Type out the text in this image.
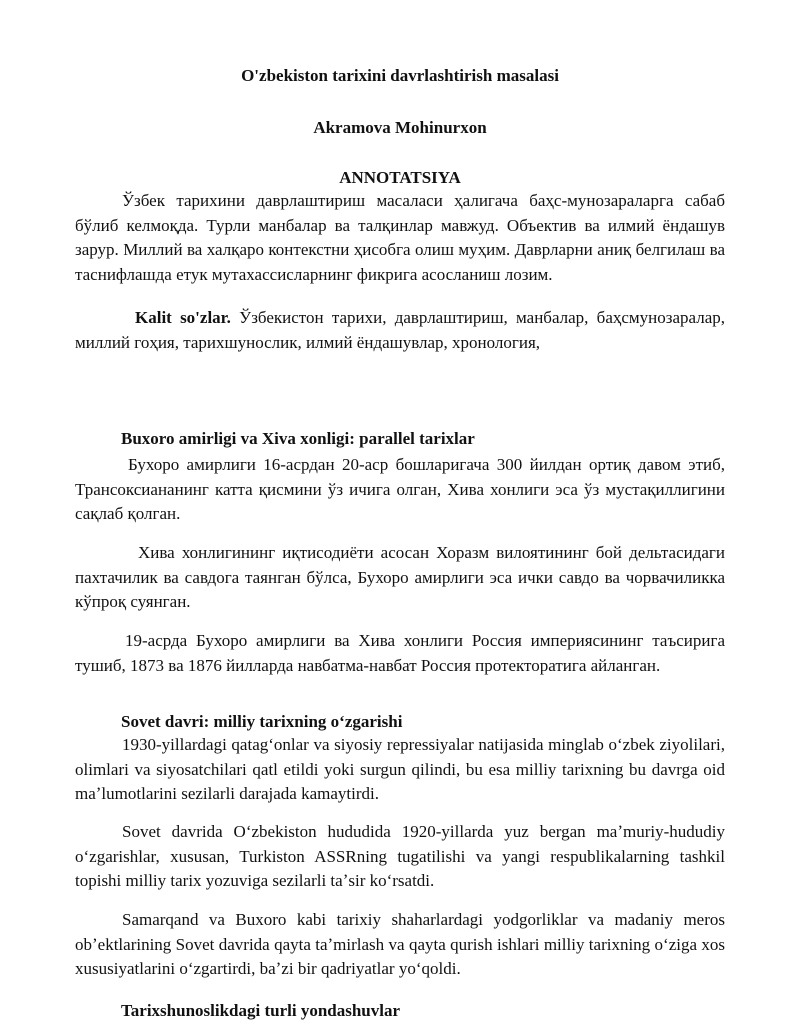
O'zbekiston tarixini davrlashtirish masalasi

Akramova Mohinurxon

ANNOTATSIYA

Ўзбек тарихини даврлаштириш масаласи ҳалигача баҳс-мунозараларга сабаб бўлиб келмоқда. Турли манбалар ва талқинлар мавжуд. Объектив ва илмий ёндашув зарур. Миллий ва халқаро контекстни ҳисобга олиш муҳим. Даврларни аниқ белгилаш ва таснифлашда етук мутахассисларнинг фикрига асосланиш лозим.

Kalit so'zlar. Ўзбекистон тарихи, даврлаштириш, манбалар, баҳсмунозаралар, миллий гоҳия, тарихшунослик, илмий ёндашувлар, хронология,

Buxoro amirligi va Xiva xonligi: parallel tarixlar

Бухоро амирлиги 16-асрдан 20-аср бошларигача 300 йилдан ортиқ давом этиб, Трансоксиананинг катта қисмини ўз ичига олган, Хива хонлиги эса ўз мустақиллигини сақлаб қолган.

Хива хонлигининг иқтисодиёти асосан Хоразм вилоятининг бой дельтасидаги пахтачилик ва савдога таянган бўлса, Бухоро амирлиги эса ички савдо ва чорвачиликка кўпроқ суянган.

19-асрда Бухоро амирлиги ва Хива хонлиги Россия империясининг таъсирига тушиб, 1873 ва 1876 йилларда навбатма-навбат Россия протекторатига айланган.

Sovet davri: milliy tarixning oʻzgarishi

1930-yillardagi qatagʻonlar va siyosiy repressiyalar natijasida minglab oʻzbek ziyolilari, olimlari va siyosatchilari qatl etildi yoki surgun qilindi, bu esa milliy tarixning bu davrga oid maʼlumotlarini sezilarli darajada kamaytirdi.

Sovet davrida Oʻzbekiston hududida 1920-yillarda yuz bergan maʼmuriy-hududiy oʻzgarishlar, xususan, Turkiston ASSRning tugatilishi va yangi respublikalarning tashkil topishi milliy tarix yozuviga sezilarli taʼsir koʻrsatdi.

Samarqand va Buxoro kabi tarixiy shaharlardagi yodgorliklar va madaniy meros obʼektlarining Sovet davrida qayta taʼmirlash va qayta qurish ishlari milliy tarixning oʻziga xos xususiyatlarini oʻzgartirdi, baʼzi bir qadriyatlar yoʻqoldi.

Tarixshunoslikdagi turli yondashuvlar
